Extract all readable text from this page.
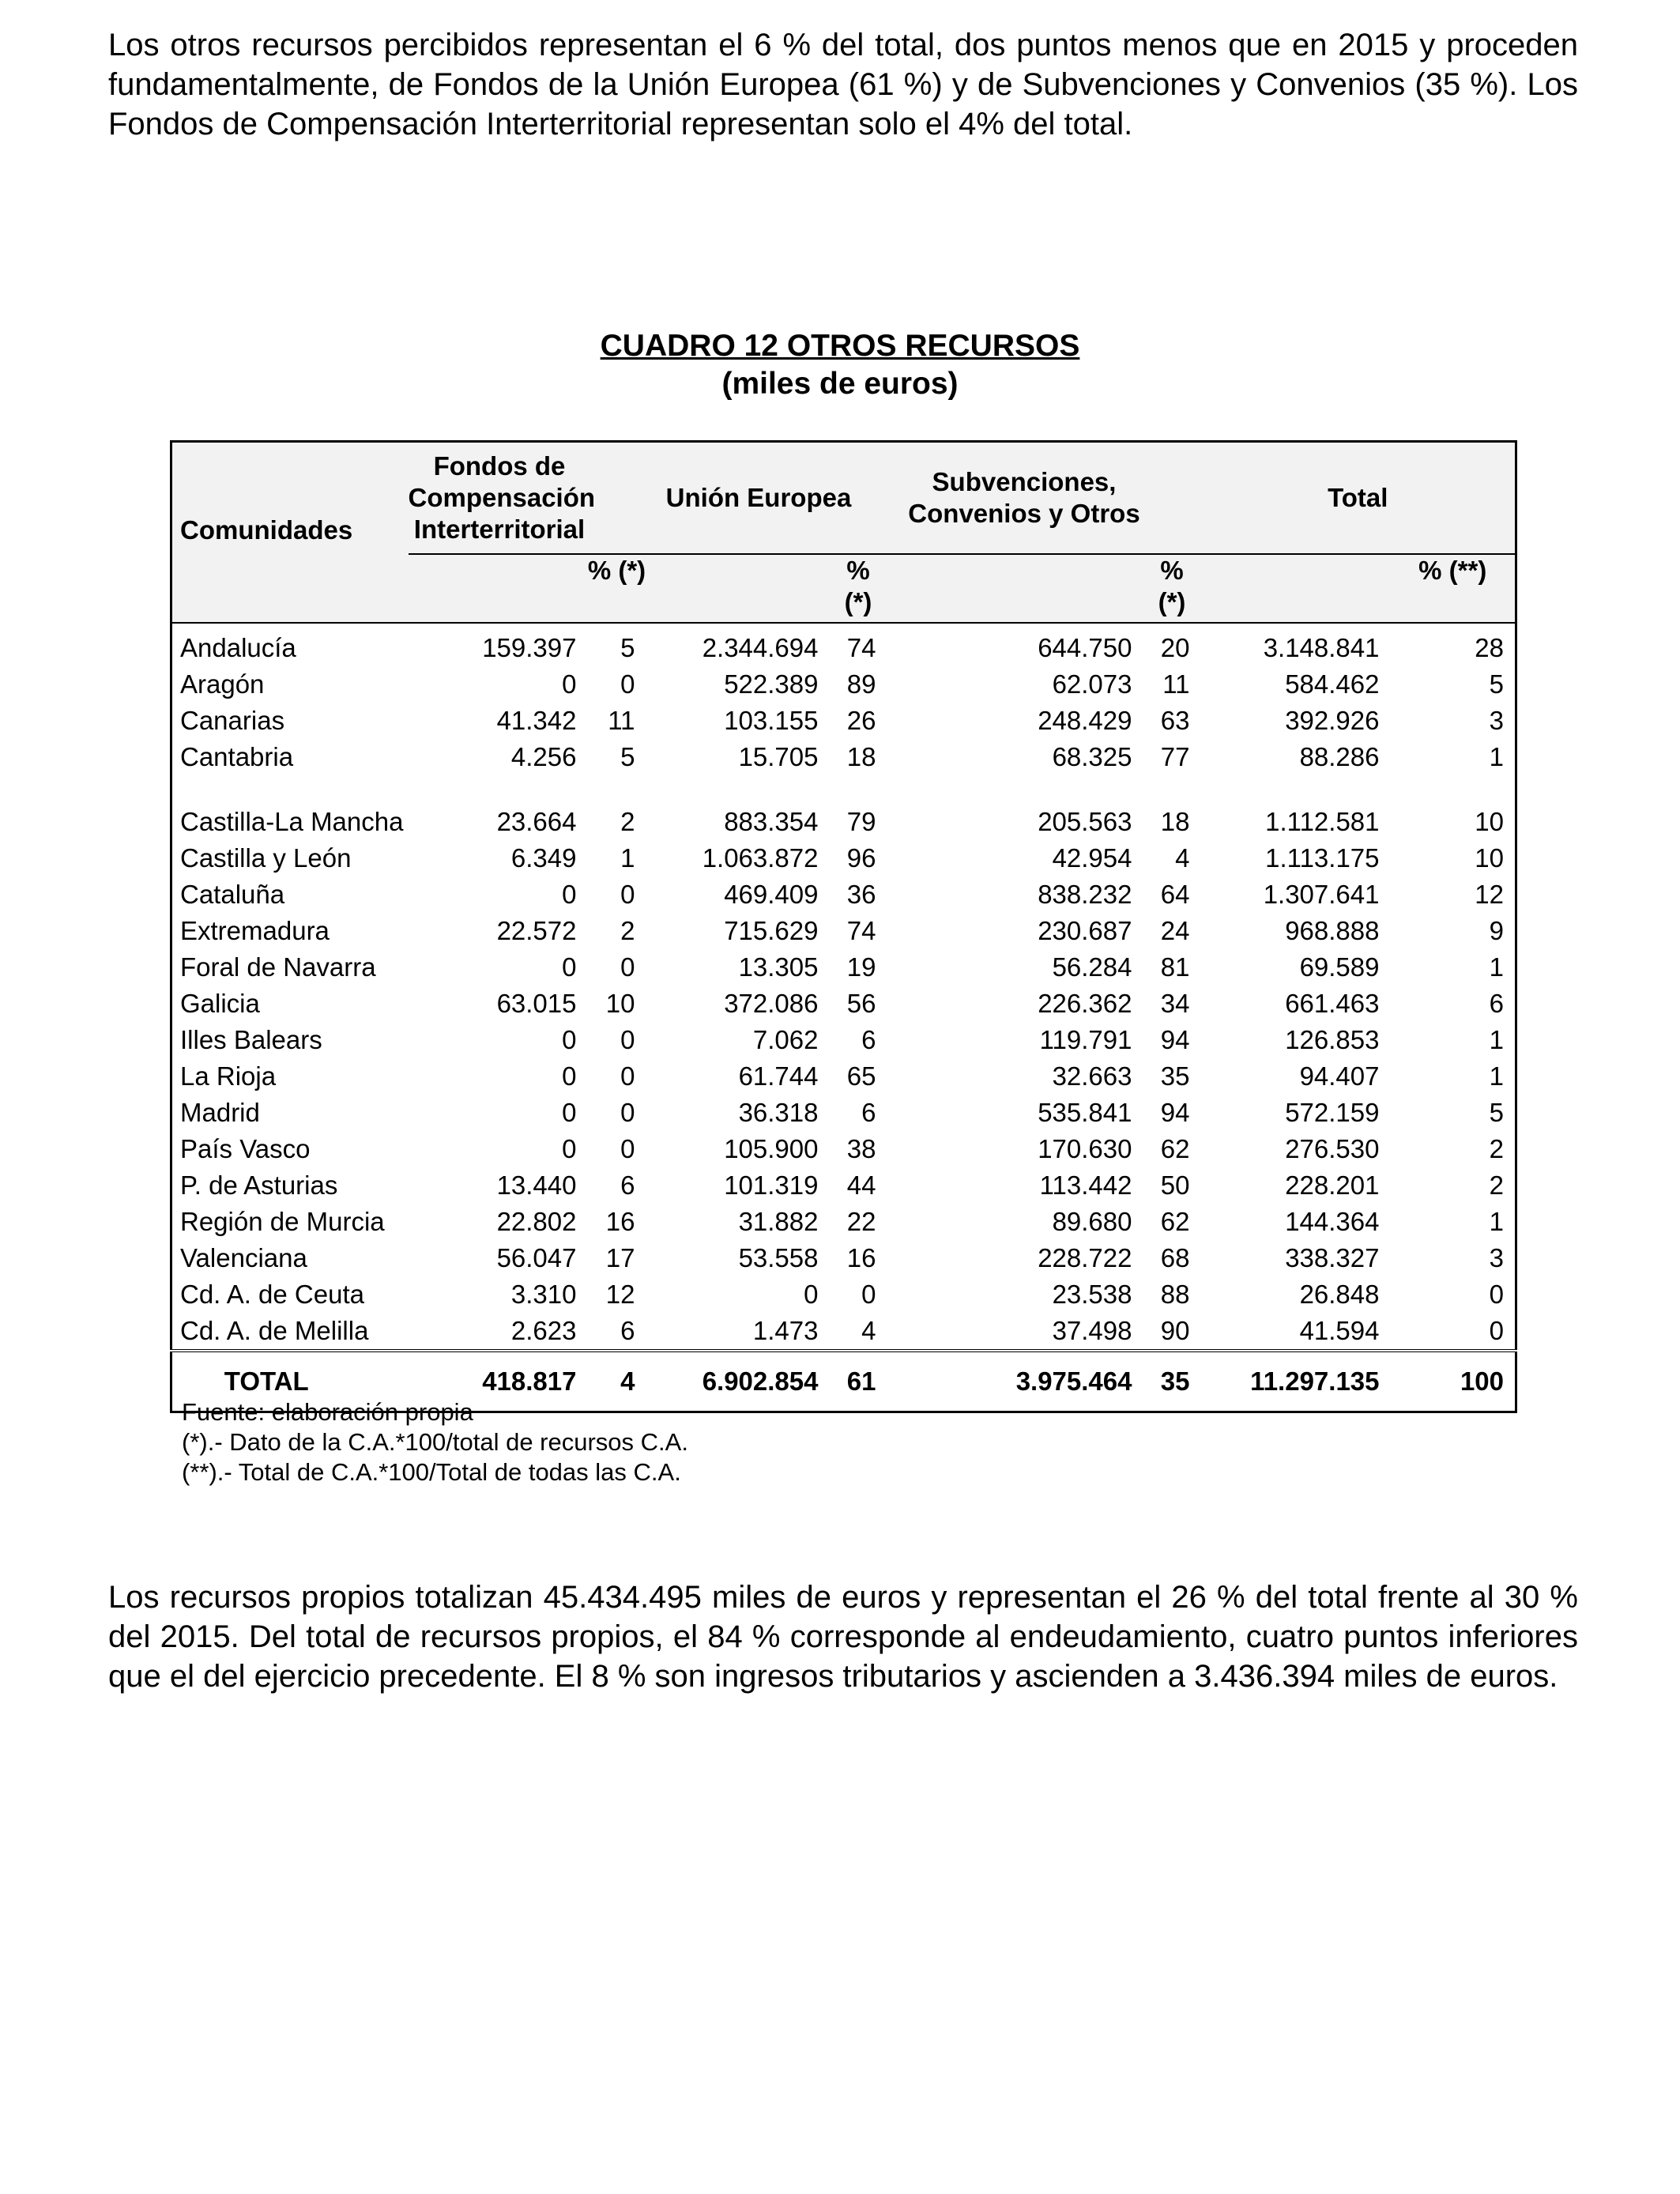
Los otros recursos percibidos representan el 6 % del total, dos puntos menos que en 2015 y proceden fundamentalmente, de Fondos de la Unión Europea (61 %) y de Subvenciones y Convenios (35 %). Los Fondos de Compensación Interterritorial representan solo el 4% del total.

CUADRO 12 OTROS RECURSOS
(miles de euros)
Comunidades	Fondos de Compensación Interterritorial		Unión Europea		Subvenciones, Convenios y Otros		Total	
		% (*)		% (*)		% (*)		% (**)
Andalucía	159.397	5	2.344.694	74	644.750	20	3.148.841	28
Aragón	0	0	522.389	89	62.073	11	584.462	5
Canarias	41.342	11	103.155	26	248.429	63	392.926	3
Cantabria	4.256	5	15.705	18	68.325	77	88.286	1
Castilla-La Mancha	23.664	2	883.354	79	205.563	18	1.112.581	10
Castilla y León	6.349	1	1.063.872	96	42.954	4	1.113.175	10
Cataluña	0	0	469.409	36	838.232	64	1.307.641	12
Extremadura	22.572	2	715.629	74	230.687	24	968.888	9
Foral de Navarra	0	0	13.305	19	56.284	81	69.589	1
Galicia	63.015	10	372.086	56	226.362	34	661.463	6
Illes Balears	0	0	7.062	6	119.791	94	126.853	1
La Rioja	0	0	61.744	65	32.663	35	94.407	1
Madrid	0	0	36.318	6	535.841	94	572.159	5
País Vasco	0	0	105.900	38	170.630	62	276.530	2
P. de Asturias	13.440	6	101.319	44	113.442	50	228.201	2
Región de Murcia	22.802	16	31.882	22	89.680	62	144.364	1
Valenciana	56.047	17	53.558	16	228.722	68	338.327	3
Cd. A. de Ceuta	3.310	12	0	0	23.538	88	26.848	0
Cd. A. de Melilla	2.623	6	1.473	4	37.498	90	41.594	0
TOTAL	418.817	4	6.902.854	61	3.975.464	35	11.297.135	100
Fuente: elaboración propia
(*).- Dato de la C.A.*100/total de recursos C.A.
(**).- Total de C.A.*100/Total de todas las C.A.

Los recursos propios totalizan 45.434.495 miles de euros y representan el 26 % del total frente al 30 % del 2015. Del total de recursos propios, el 84 % corresponde al endeudamiento, cuatro puntos inferiores que el del ejercicio precedente. El 8 % son ingresos tributarios y ascienden a 3.436.394 miles de euros.
